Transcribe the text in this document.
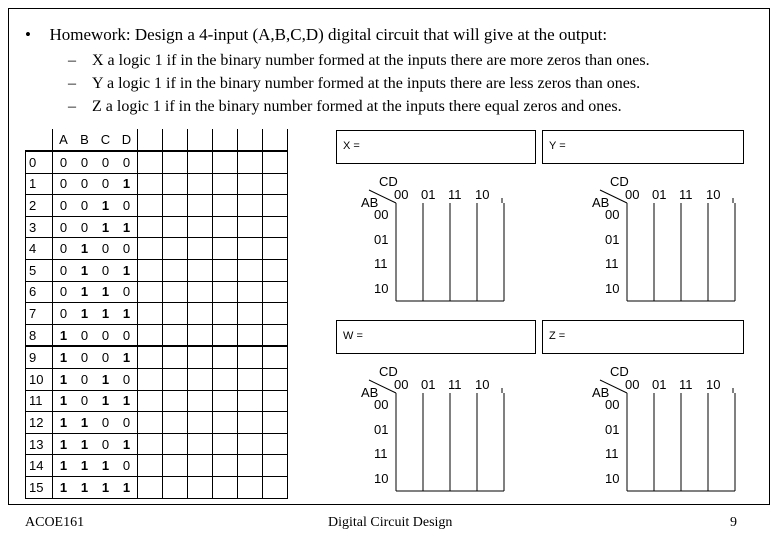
• Homework: Design a 4-input (A,B,C,D) digital circuit that will give at the output:
– X a logic 1 if in the binary number formed at the inputs there are more zeros than ones.
– Y a logic 1 if in the binary number formed at the inputs there are less zeros than ones.
– Z a logic 1 if in the binary number formed at the inputs there equal zeros and ones.
	A	B	C	D						
0	0	0	0	0						
1	0	0	0	1						
2	0	0	1	0						
3	0	0	1	1						
4	0	1	0	0						
5	0	1	0	1						
6	0	1	1	0						
7	0	1	1	1						
8	1	0	0	0						
9	1	0	0	1						
10	1	0	1	0						
11	1	0	1	1						
12	1	1	0	0						
13	1	1	0	1						
14	1	1	1	0						
15	1	1	1	1						
X =	Y =
W =	Z =
CD
AB
00 01 11 10
00
01
11
10
CD
AB
00 01 11 10
00
01
11
10
CD
AB
00 01 11 10
00
01
11
10
CD
AB
00 01 11 10
00
01
11
10
ACOE161	Digital Circuit Design	9
